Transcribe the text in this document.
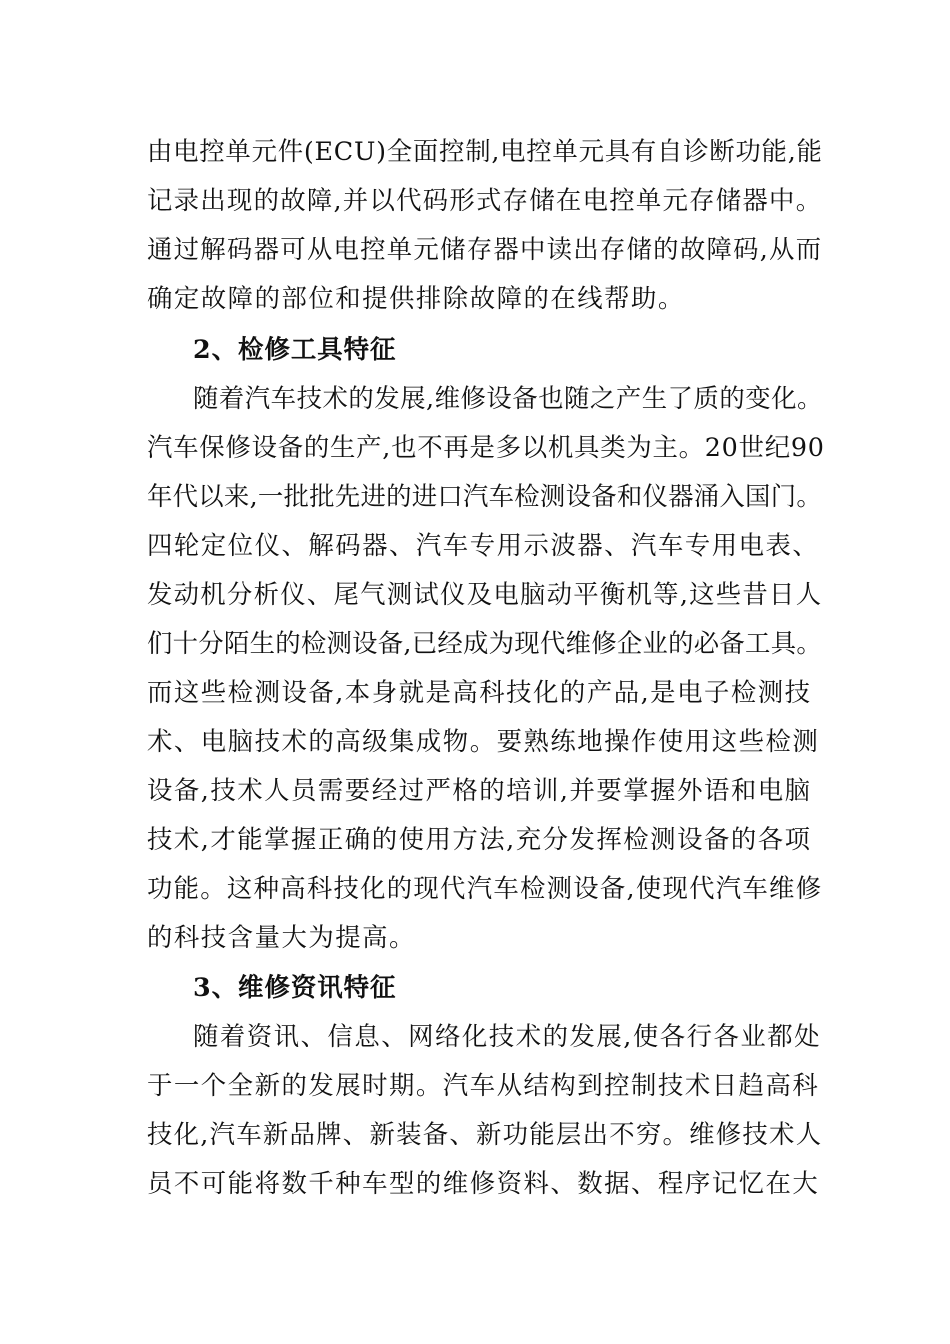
由电控单元件(ECU)全面控制,电控单元具有自诊断功能,能
记录出现的故障,并以代码形式存储在电控单元存储器中。
通过解码器可从电控单元储存器中读出存储的故障码,从而
确定故障的部位和提供排除故障的在线帮助。
2、检修工具特征
随着汽车技术的发展,维修设备也随之产生了质的变化。
汽车保修设备的生产,也不再是多以机具类为主。20世纪90
年代以来,一批批先进的进口汽车检测设备和仪器涌入国门。
四轮定位仪、解码器、汽车专用示波器、汽车专用电表、
发动机分析仪、尾气测试仪及电脑动平衡机等,这些昔日人
们十分陌生的检测设备,已经成为现代维修企业的必备工具。
而这些检测设备,本身就是高科技化的产品,是电子检测技
术、电脑技术的高级集成物。要熟练地操作使用这些检测
设备,技术人员需要经过严格的培训,并要掌握外语和电脑
技术,才能掌握正确的使用方法,充分发挥检测设备的各项
功能。这种高科技化的现代汽车检测设备,使现代汽车维修
的科技含量大为提高。
3、维修资讯特征
随着资讯、信息、网络化技术的发展,使各行各业都处
于一个全新的发展时期。汽车从结构到控制技术日趋高科
技化,汽车新品牌、新装备、新功能层出不穷。维修技术人
员不可能将数千种车型的维修资料、数据、程序记忆在大
